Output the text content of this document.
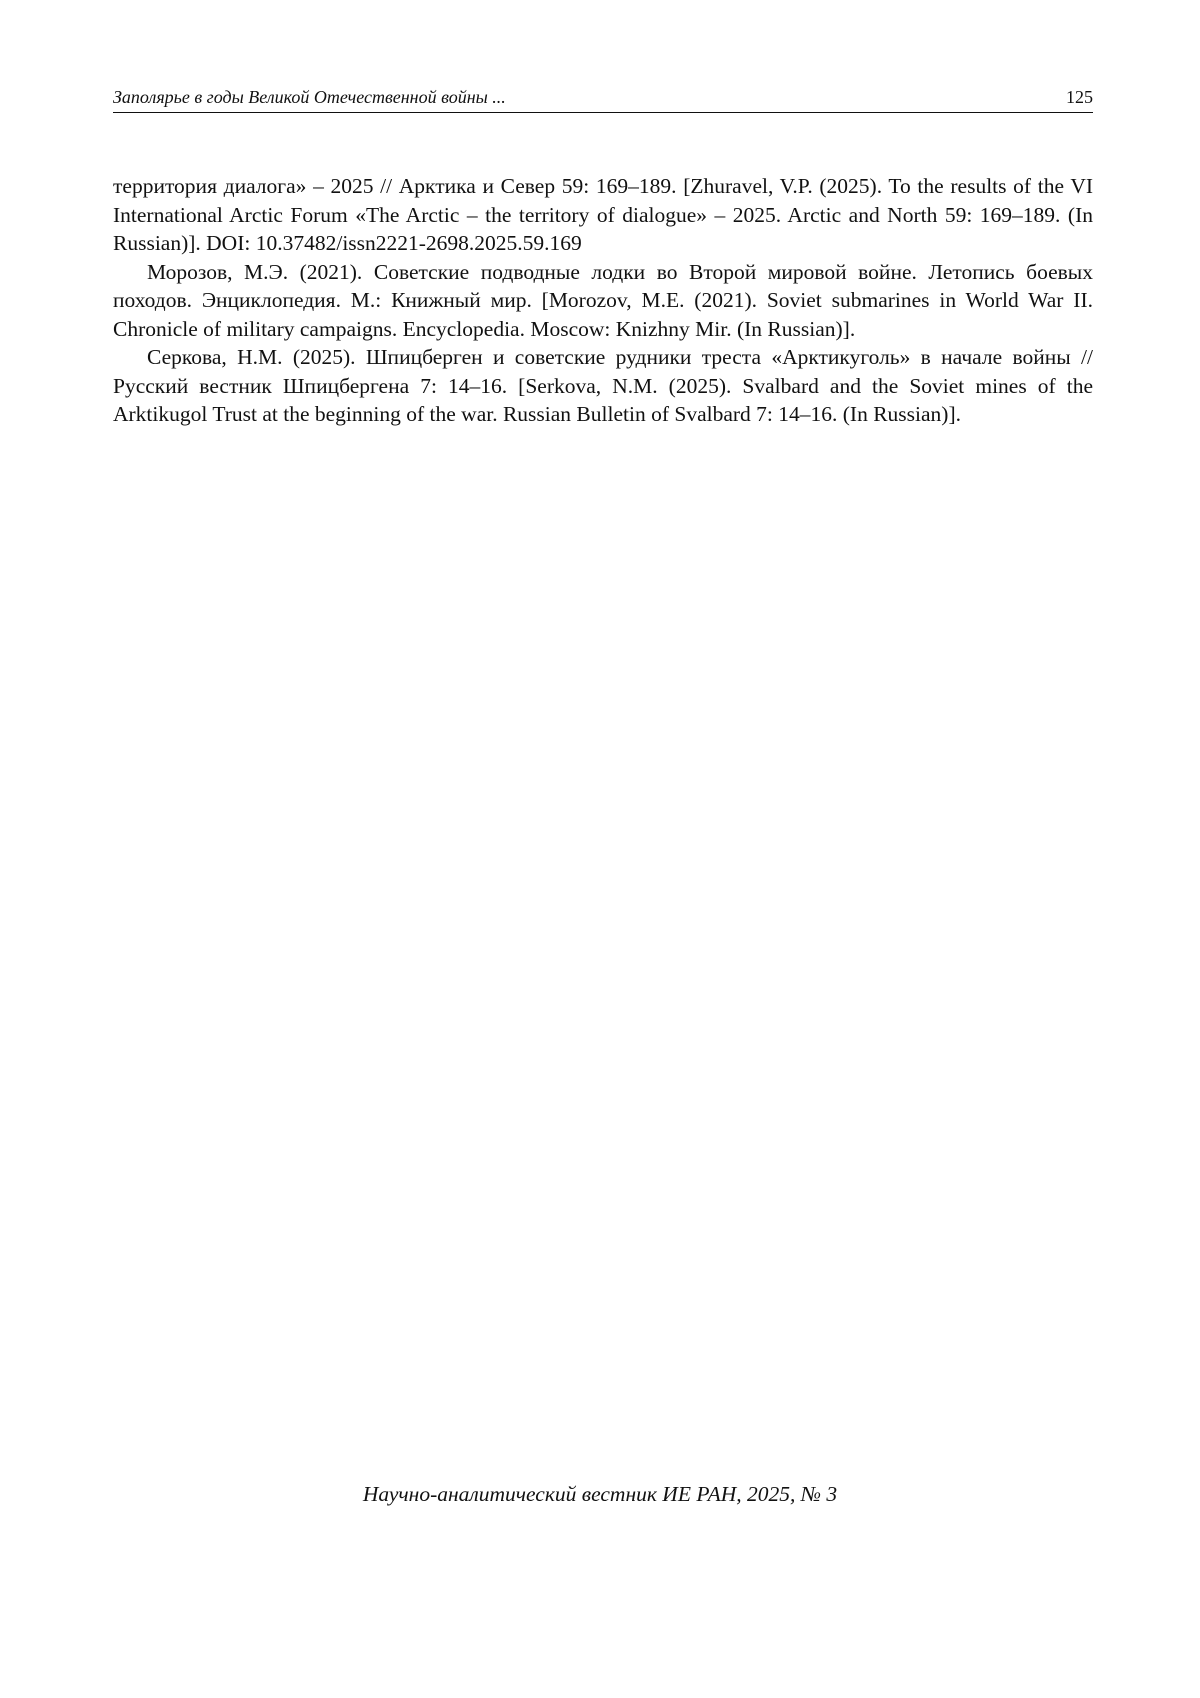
Заполярье в годы Великой Отечественной войны ...	125

территория диалога» – 2025 // Арктика и Север 59: 169–189. [Zhuravel, V.P. (2025). To the results of the VI International Arctic Forum «The Arctic – the territory of dialogue» – 2025. Arctic and North 59: 169–189. (In Russian)]. DOI: 10.37482/issn2221-2698.2025.59.169

Морозов, М.Э. (2021). Советские подводные лодки во Второй мировой войне. Летопись боевых походов. Энциклопедия. М.: Книжный мир. [Morozov, M.E. (2021). Soviet submarines in World War II. Chronicle of military campaigns. Encyclopedia. Moscow: Knizhny Mir. (In Russian)].

Серкова, Н.М. (2025). Шпицберген и советские рудники треста «Арктикуголь» в начале войны // Русский вестник Шпицбергена 7: 14–16. [Serkova, N.M. (2025). Svalbard and the Soviet mines of the Arktikugol Trust at the beginning of the war. Russian Bulletin of Svalbard 7: 14–16. (In Russian)].

Научно-аналитический вестник ИЕ РАН, 2025, № 3
